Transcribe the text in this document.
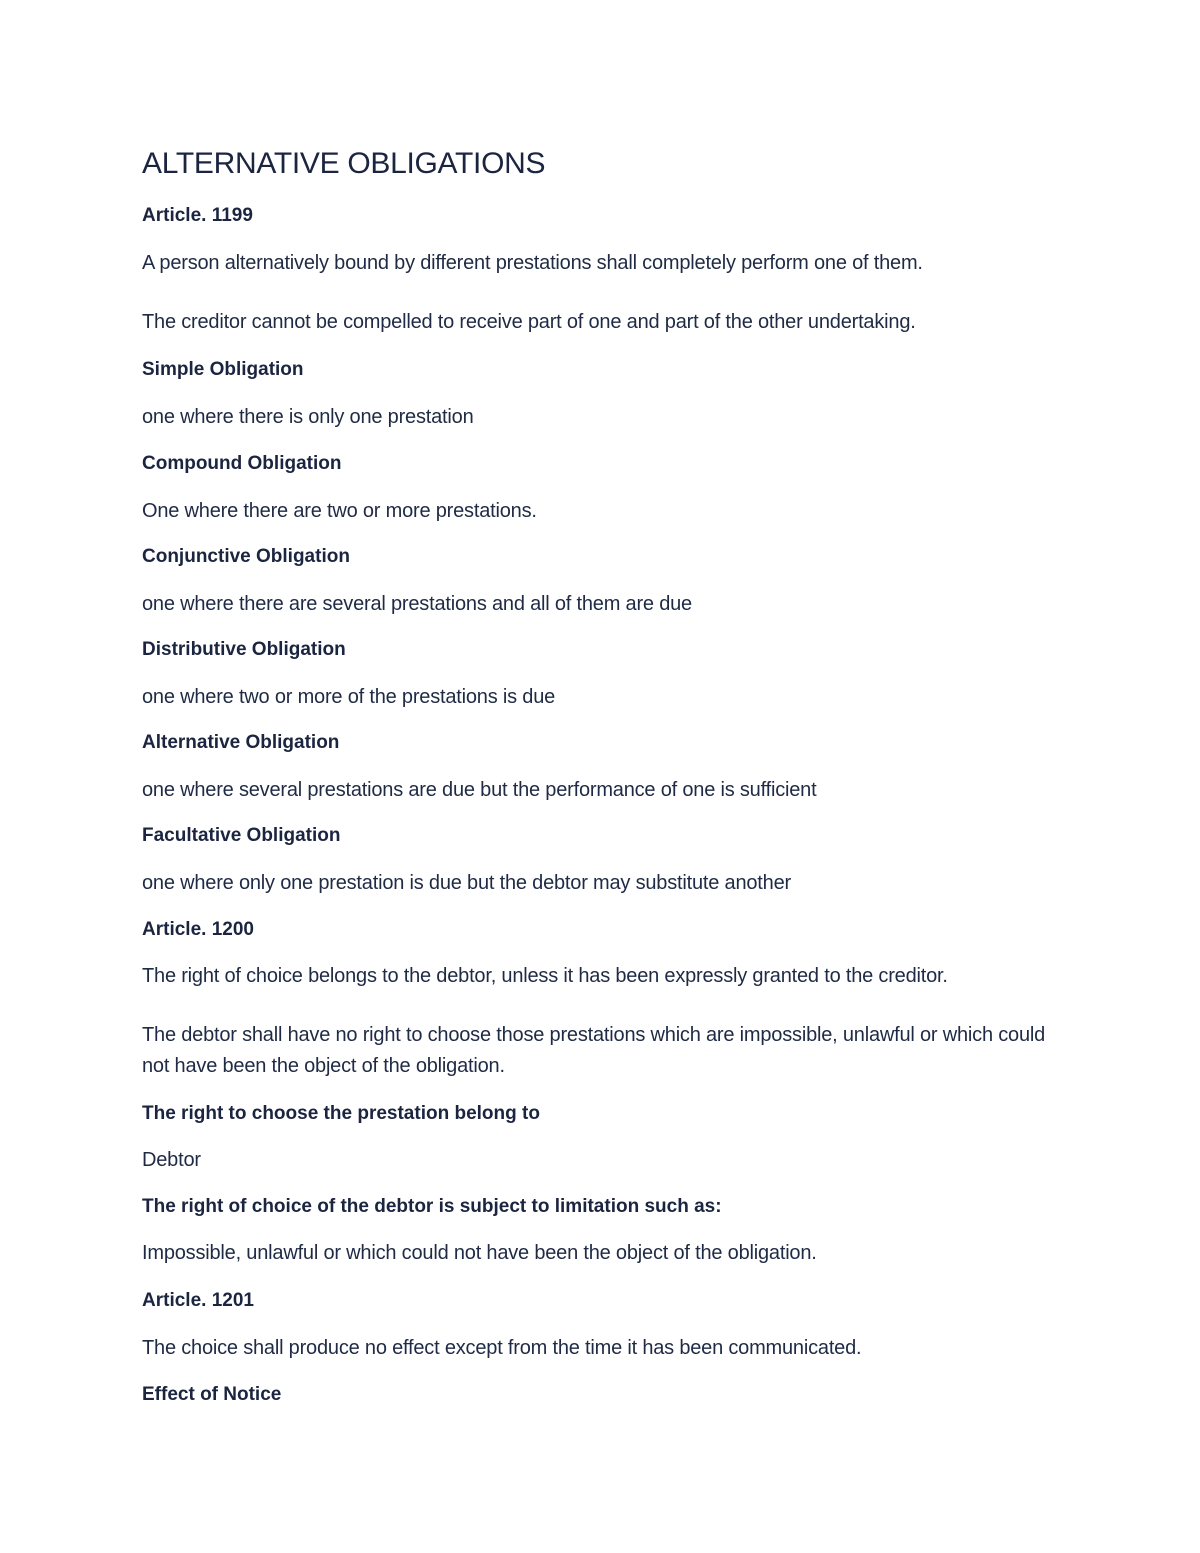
ALTERNATIVE OBLIGATIONS
Article. 1199
A person alternatively bound by different prestations shall completely perform one of them.
The creditor cannot be compelled to receive part of one and part of the other undertaking.
Simple Obligation
one where there is only one prestation
Compound Obligation
One where there are two or more prestations.
Conjunctive Obligation
one where there are several prestations and all of them are due
Distributive Obligation
one where two or more of the prestations is due
Alternative Obligation
one where several prestations are due but the performance of one is sufficient
Facultative Obligation
one where only one prestation is due but the debtor may substitute another
Article. 1200
The right of choice belongs to the debtor, unless it has been expressly granted to the creditor.
The debtor shall have no right to choose those prestations which are impossible, unlawful or which could not have been the object of the obligation.
The right to choose the prestation belong to
Debtor
The right of choice of the debtor is subject to limitation such as:
Impossible, unlawful or which could not have been the object of the obligation.
Article. 1201
The choice shall produce no effect except from the time it has been communicated.
Effect of Notice
